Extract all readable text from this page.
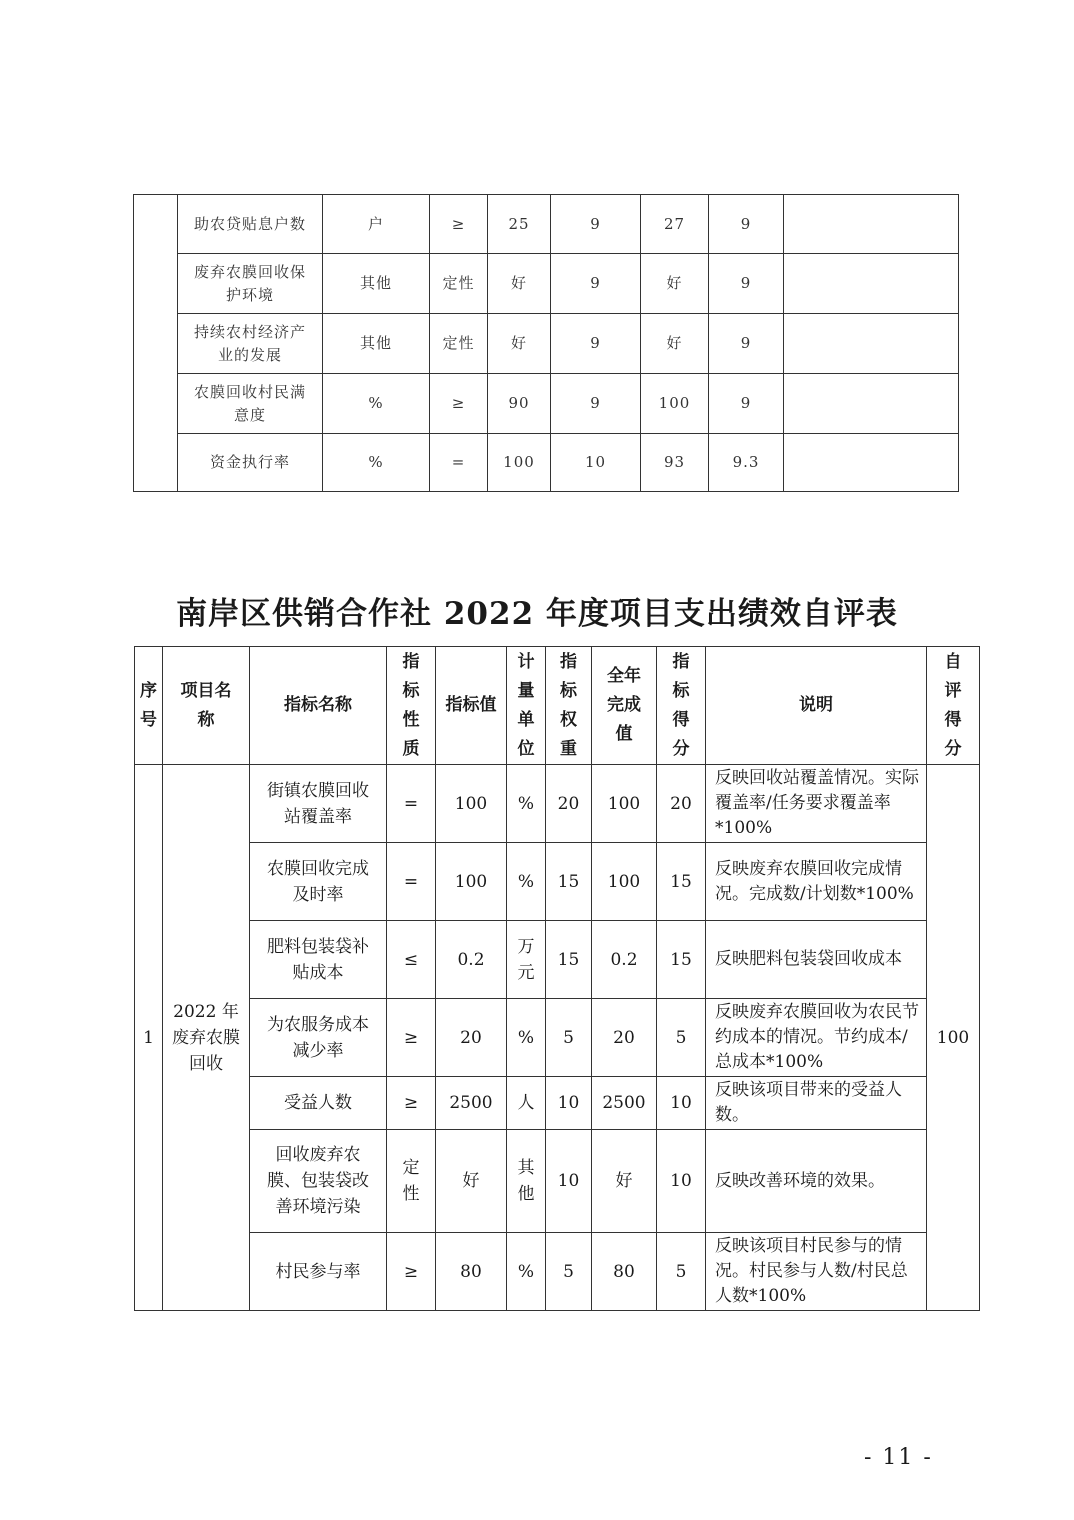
	助农贷贴息户数	户	≥	25	9	27	9	

	废弃农膜回收保护环境	其他	定性	好	9	好	9	

	持续农村经济产业的发展	其他	定性	好	9	好	9	

	农膜回收村民满意度	%	≥	90	9	100	9	
	资金执行率	%	=	100	10	93	9.3	
南岸区供销合作社 2022 年度项目支出绩效自评表
序号	项目名称	指标名称	指标性质	指标值	计量单位	指标权重	全年完成值	指标得分	说明	自评得分

1	2022 年废弃农膜回收	街镇农膜回收站覆盖率	=	100	%	20	100	20	反映回收站覆盖情况。实际覆盖率/任务要求覆盖率*100%	100

		农膜回收完成及时率	=	100	%	15	100	15	反映废弃农膜回收完成情况。完成数/计划数*100%	

		肥料包装袋补贴成本	≤	0.2	万元	15	0.2	15	反映肥料包装袋回收成本	

		为农服务成本减少率	≥	20	%	5	20	5	反映废弃农膜回收为农民节约成本的情况。节约成本/总成本*100%	
		受益人数	≥	2500	人	10	2500	10	反映该项目带来的受益人数。	

		回收废弃农膜、包装袋改善环境污染	定性	好	其他	10	好	10	反映改善环境的效果。	
		村民参与率	≥	80	%	5	80	5	反映该项目村民参与的情况。村民参与人数/村民总人数*100%	
- 11 -
